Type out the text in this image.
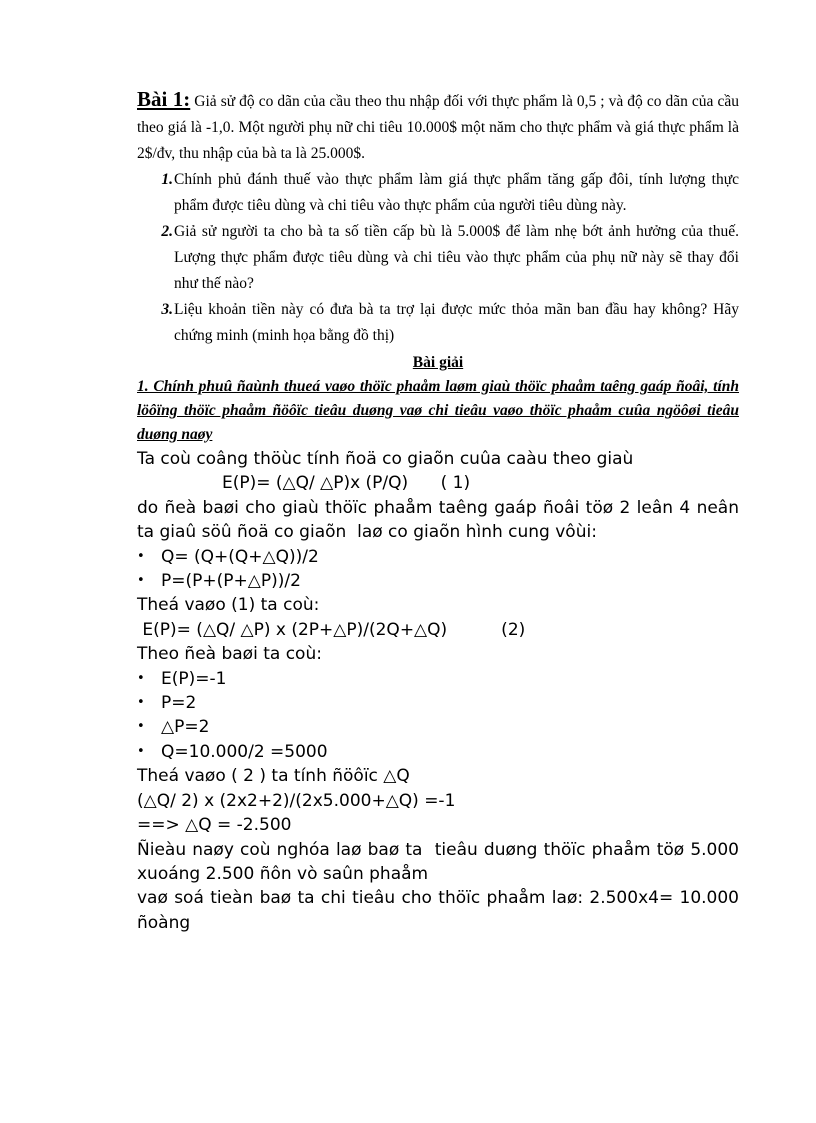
Bài 1: Giả sử độ co dãn của cầu theo thu nhập đối với thực phẩm là 0,5 ; và độ co dãn của cầu theo giá là -1,0. Một người phụ nữ chi tiêu 10.000$ một năm cho thực phẩm và giá thực phẩm là 2$/đv, thu nhập của bà ta là 25.000$.

1. Chính phủ đánh thuế vào thực phẩm làm giá thực phẩm tăng gấp đôi, tính lượng thực phẩm được tiêu dùng và chi tiêu vào thực phẩm của người tiêu dùng này.
2. Giả sử người ta cho bà ta số tiền cấp bù là 5.000$ để làm nhẹ bớt ảnh hưởng của thuế. Lượng thực phẩm được tiêu dùng và chi tiêu vào thực phẩm của phụ nữ này sẽ thay đổi như thế nào?
3. Liệu khoản tiền này có đưa bà ta trợ lại được mức thỏa mãn ban đầu hay không? Hãy chứng minh (minh họa bằng đồ thị)
Bài giải
1. Chính phuû ñaùnh thueá vaøo thöïc phaåm laøm giaù thöïc phaåm taêng gaáp ñoâi, tính löôïng thöïc phaåm ñöôïc tieâu duøng vaø chi tieâu vaøo thöïc phaåm cuûa ngöôøi tieâu duøng naøy

Ta coù coâng thöùc tính ñoä co giaõn cuûa caàu theo giaù

E(P)= (△Q/ △P)x (P/Q)      ( 1)

do ñeà baøi cho giaù thöïc phaåm taêng gaáp ñoâi töø 2 leân 4 neân ta giaû söû ñoä co giaõn  laø co giaõn hình cung vôùi:

• Q= (Q+(Q+△Q))/2
• P=(P+(P+△P))/2

Theá vaøo (1) ta coù:

E(P)= (△Q/ △P) x (2P+△P)/(2Q+△Q)          (2)

Theo ñeà baøi ta coù:

• E(P)=-1
• P=2
• △P=2
• Q=10.000/2 =5000

Theá vaøo ( 2 ) ta tính ñöôïc △Q

(△Q/ 2) x (2x2+2)/(2x5.000+△Q) =-1

==> △Q = -2.500

Ñieàu naøy coù nghóa laø baø ta  tieâu duøng thöïc phaåm töø 5.000 xuoáng 2.500 ñôn vò saûn phaåm

vaø soá tieàn baø ta chi tieâu cho thöïc phaåm laø: 2.500x4= 10.000 ñoàng
